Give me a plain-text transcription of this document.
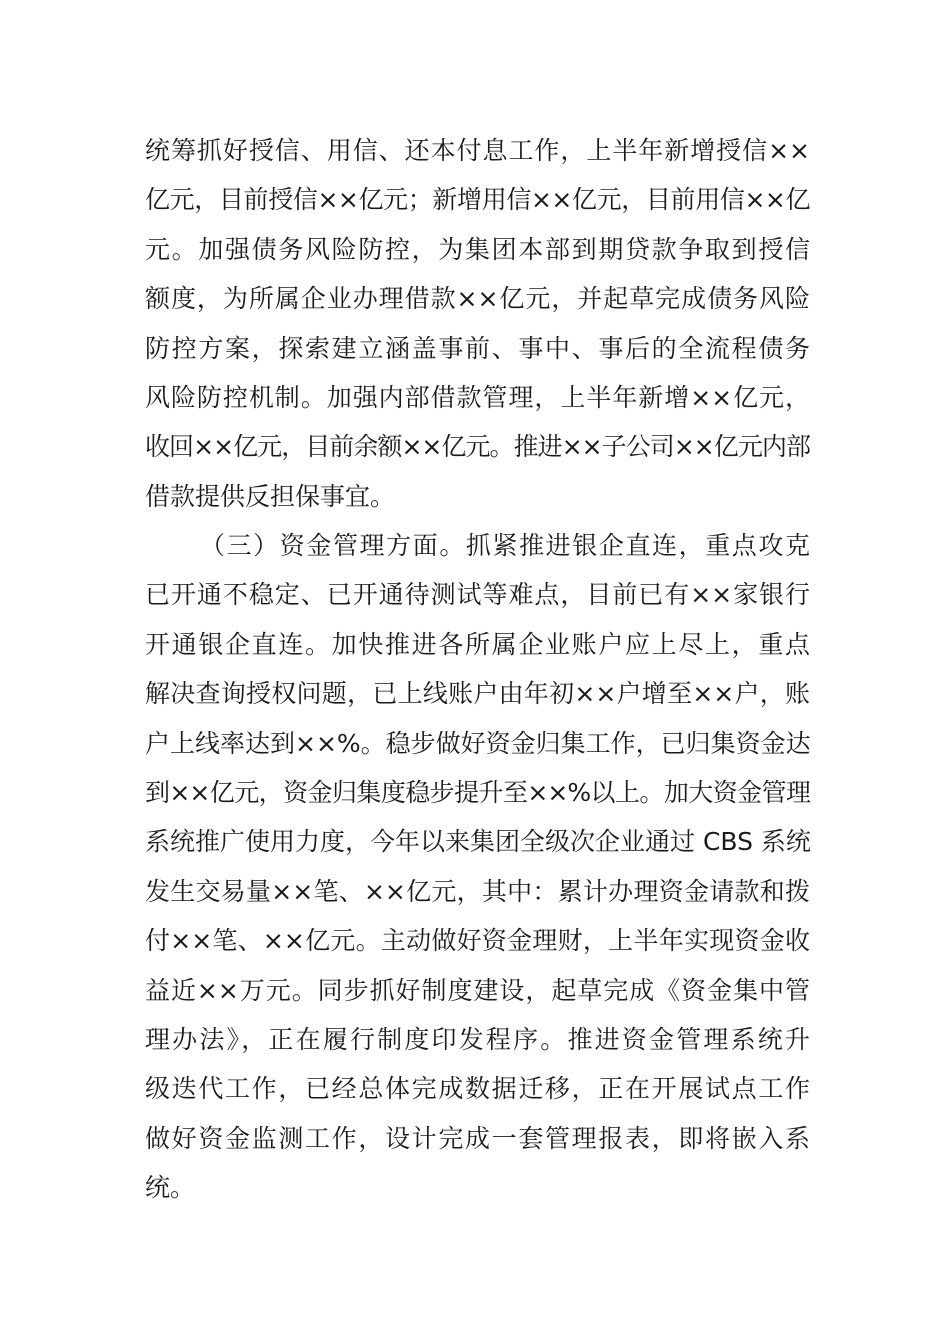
统筹抓好授信、用信、还本付息工作，上半年新增授信××
亿元，目前授信××亿元；新增用信××亿元，目前用信××亿
元。加强债务风险防控，为集团本部到期贷款争取到授信
额度，为所属企业办理借款××亿元，并起草完成债务风险
防控方案，探索建立涵盖事前、事中、事后的全流程债务
风险防控机制。加强内部借款管理，上半年新增××亿元，
收回××亿元，目前余额××亿元。推进××子公司××亿元内部
借款提供反担保事宜。
（三）资金管理方面。抓紧推进银企直连，重点攻克
已开通不稳定、已开通待测试等难点，目前已有××家银行
开通银企直连。加快推进各所属企业账户应上尽上，重点
解决查询授权问题，已上线账户由年初××户增至××户，账
户上线率达到××%。稳步做好资金归集工作，已归集资金达
到××亿元，资金归集度稳步提升至××%以上。加大资金管理
系统推广使用力度，今年以来集团全级次企业通过 CBS 系统
发生交易量××笔、××亿元，其中：累计办理资金请款和拨
付××笔、××亿元。主动做好资金理财，上半年实现资金收
益近××万元。同步抓好制度建设，起草完成《资金集中管
理办法》，正在履行制度印发程序。推进资金管理系统升
级迭代工作，已经总体完成数据迁移，正在开展试点工作
做好资金监测工作，设计完成一套管理报表，即将嵌入系
统。
